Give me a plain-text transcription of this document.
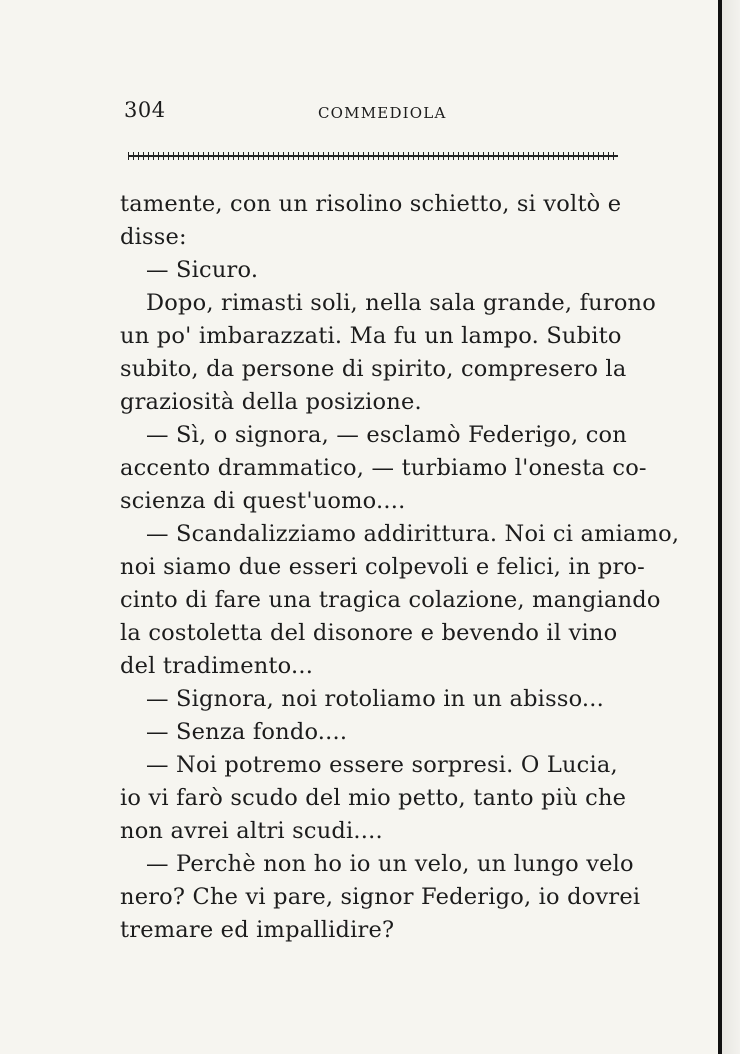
304	COMMEDIOLA
tamente, con un risolino schietto, si voltò e
disse:
— Sicuro.
Dopo, rimasti soli, nella sala grande, furono
un po' imbarazzati. Ma fu un lampo. Subito
subito, da persone di spirito, compresero la
graziosità della posizione.
— Sì, o signora, — esclamò Federigo, con
accento drammatico, — turbiamo l'onesta co-
scienza di quest'uomo....
— Scandalizziamo addirittura. Noi ci amiamo,
noi siamo due esseri colpevoli e felici, in pro-
cinto di fare una tragica colazione, mangiando
la costoletta del disonore e bevendo il vino
del tradimento...
— Signora, noi rotoliamo in un abisso...
— Senza fondo....
— Noi potremo essere sorpresi. O Lucia,
io vi farò scudo del mio petto, tanto più che
non avrei altri scudi....
— Perchè non ho io un velo, un lungo velo
nero? Che vi pare, signor Federigo, io dovrei
tremare ed impallidire?
